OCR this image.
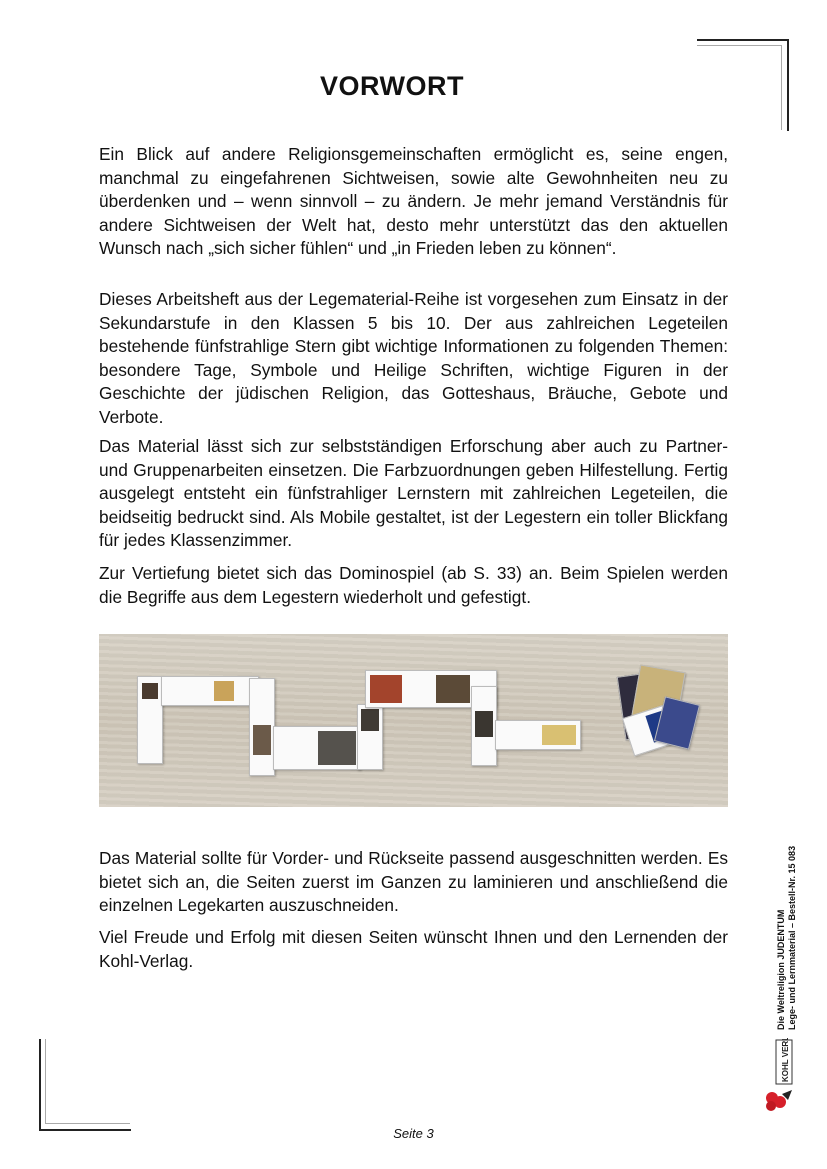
VORWORT

Ein Blick auf andere Religionsgemeinschaften ermöglicht es, seine engen, manchmal zu eingefahrenen Sichtweisen, sowie alte Gewohnheiten neu zu überdenken und – wenn sinnvoll – zu ändern. Je mehr jemand Verständnis für andere Sichtweisen der Welt hat, desto mehr unterstützt das den aktuellen Wunsch nach „sich sicher fühlen“ und „in Frieden leben zu können“.

Dieses Arbeitsheft aus der Legematerial-Reihe ist vorgesehen zum Einsatz in der Sekundarstufe in den Klassen 5 bis 10. Der aus zahlreichen Legeteilen bestehende fünfstrahlige Stern gibt wichtige Informationen zu folgenden Themen: besondere Tage, Symbole und Heilige Schriften, wichtige Figuren in der Geschichte der jüdischen Religion, das Gotteshaus, Bräuche, Gebote und Verbote.

Das Material lässt sich zur selbstständigen Erforschung aber auch zu Partner- und Gruppenarbeiten einsetzen. Die Farbzuordnungen geben Hilfestellung. Fertig ausgelegt entsteht ein fünfstrahliger Lernstern mit zahlreichen Legeteilen, die beidseitig bedruckt sind. Als Mobile gestaltet, ist der Legestern ein toller Blickfang für jedes Klassenzimmer.

Zur Vertiefung bietet sich das Dominospiel (ab S. 33) an. Beim Spielen werden die Begriffe aus dem Legestern wiederholt und gefestigt.

Das Material sollte für Vorder- und Rückseite passend ausgeschnitten werden. Es bietet sich an, die Seiten zuerst im Ganzen zu laminieren und anschließend die einzelnen Legekarten auszuschneiden.

Viel Freude und Erfolg mit diesen Seiten wünscht Ihnen und den Lernenden der Kohl-Verlag.	Die Weltreligion JUDENTUM Lege- und Lernmaterial – Bestell-Nr. 15 083
KOHL VERLAG
Seite 3
